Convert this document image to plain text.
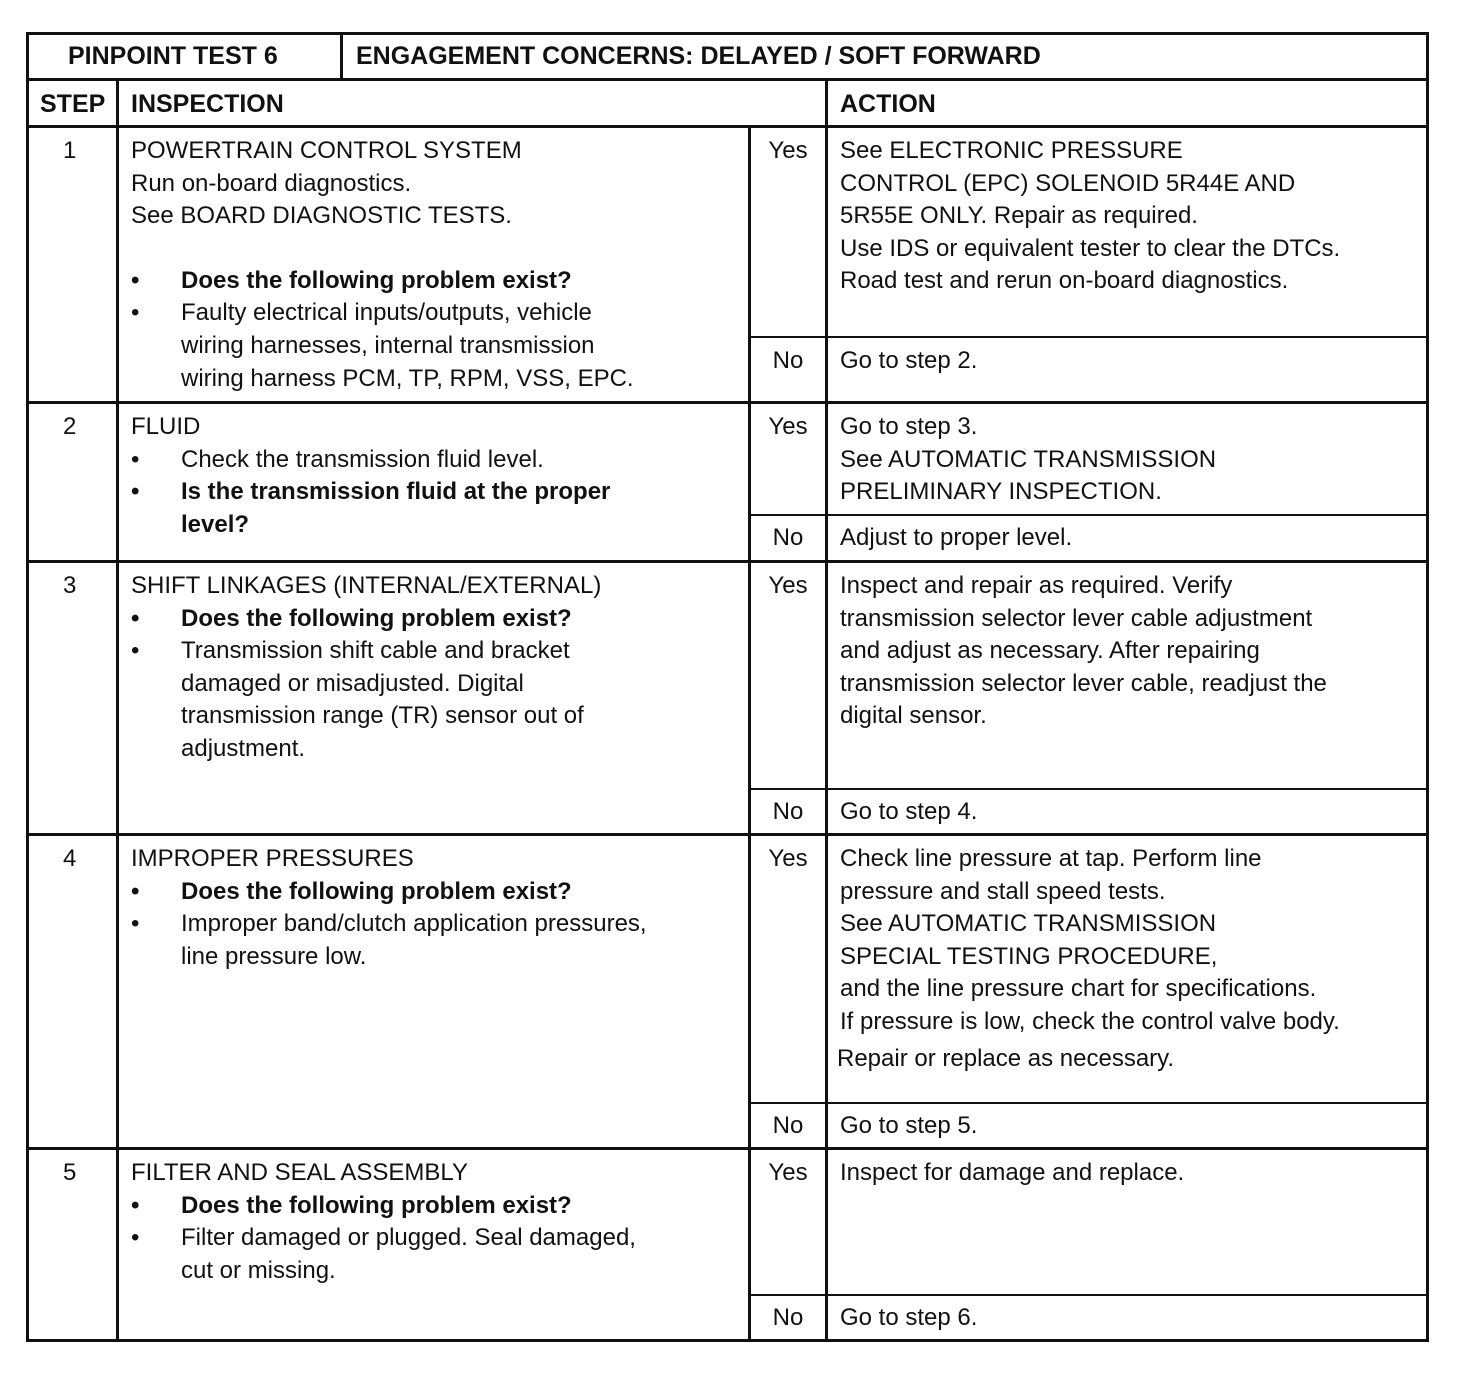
PINPOINT TEST 6	ENGAGEMENT CONCERNS: DELAYED / SOFT FORWARD
STEP INSPECTION	ACTION
1 POWERTRAIN CONTROL SYSTEM
Run on-board diagnostics.
See BOARD DIAGNOSTIC TESTS.
• Does the following problem exist?
• Faulty electrical inputs/outputs, vehicle
wiring harnesses, internal transmission
wiring harness PCM, TP, RPM, VSS, EPC.
Yes	See ELECTRONIC PRESSURE
CONTROL (EPC) SOLENOID 5R44E AND
5R55E ONLY. Repair as required.
Use IDS or equivalent tester to clear the DTCs.
Road test and rerun on-board diagnostics.
No	Go to step 2.
2 FLUID
• Check the transmission fluid level.
• Is the transmission fluid at the proper
level?
Yes	Go to step 3.
See AUTOMATIC TRANSMISSION
PRELIMINARY INSPECTION.
No	Adjust to proper level.
3 SHIFT LINKAGES (INTERNAL/EXTERNAL)
• Does the following problem exist?
• Transmission shift cable and bracket
damaged or misadjusted. Digital
transmission range (TR) sensor out of
adjustment.
Yes	Inspect and repair as required. Verify
transmission selector lever cable adjustment
and adjust as necessary. After repairing
transmission selector lever cable, readjust the
digital sensor.
No	Go to step 4.
4 IMPROPER PRESSURES
• Does the following problem exist?
• Improper band/clutch application pressures,
line pressure low.
Yes	Check line pressure at tap. Perform line
pressure and stall speed tests.
See AUTOMATIC TRANSMISSION
SPECIAL TESTING PROCEDURE,
and the line pressure chart for specifications.
If pressure is low, check the control valve body.
Repair or replace as necessary.
No	Go to step 5.
5 FILTER AND SEAL ASSEMBLY
• Does the following problem exist?
• Filter damaged or plugged. Seal damaged,
cut or missing.
Yes	Inspect for damage and replace.
No	Go to step 6.
